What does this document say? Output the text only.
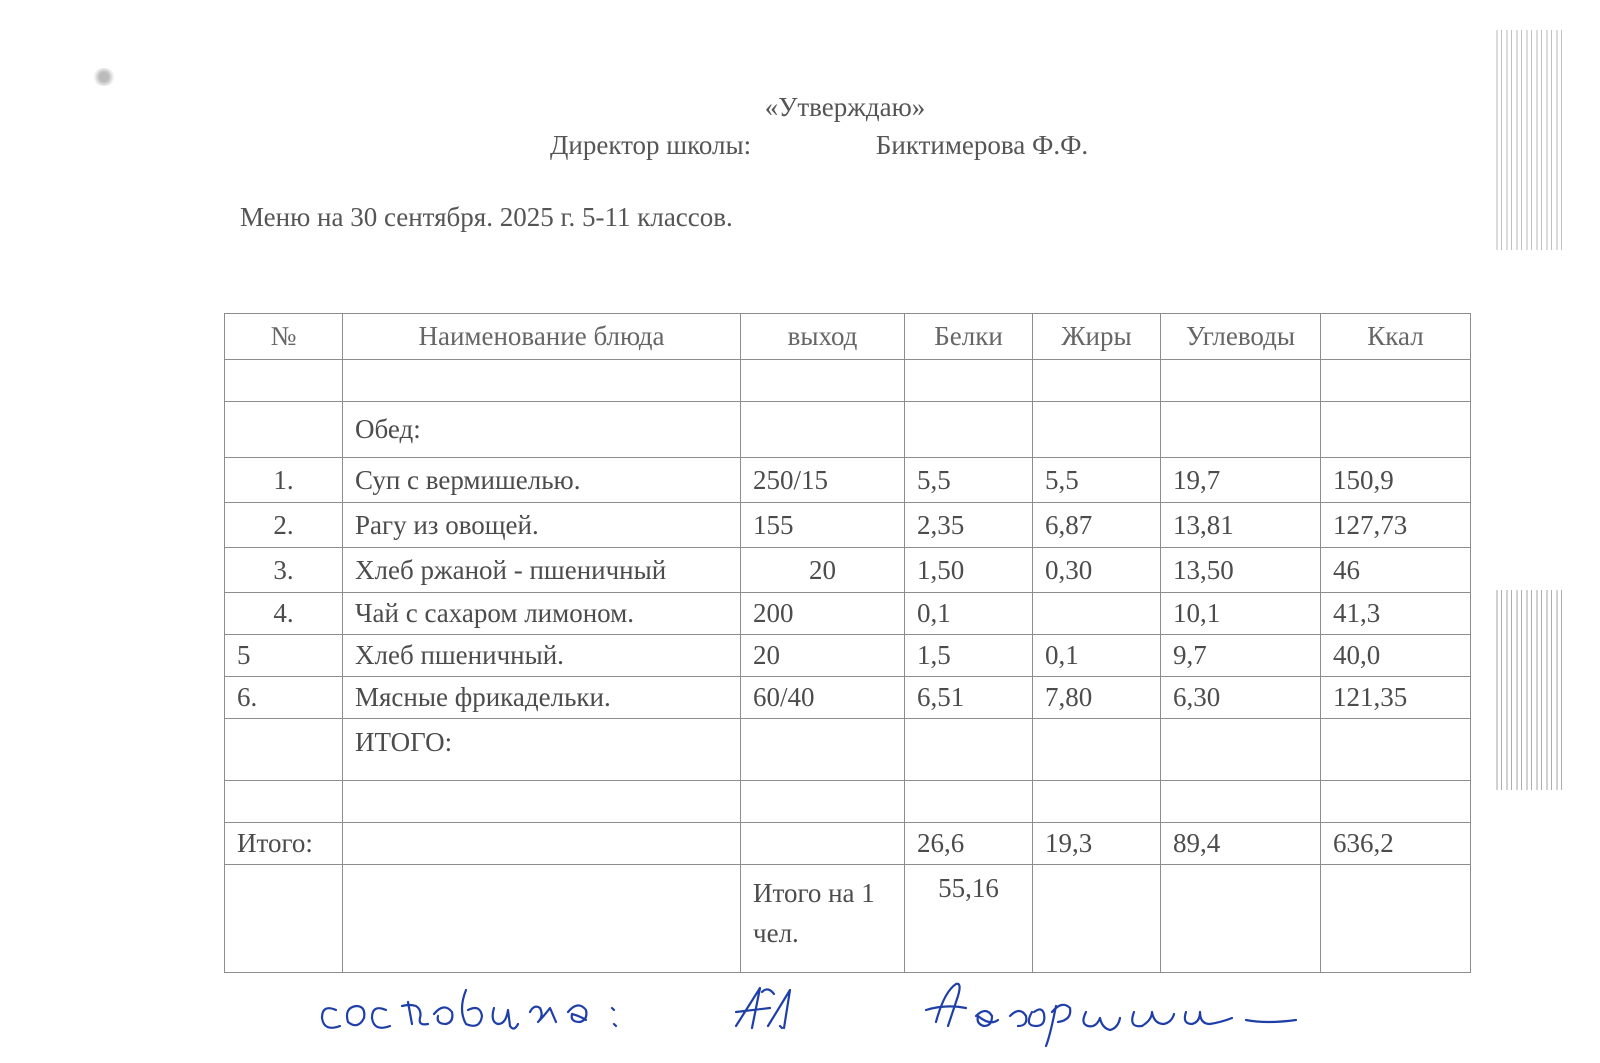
«Утверждаю»
Директор школы:	Биктимерова Ф.Ф.
Меню на 30 сентября. 2025 г. 5-11 классов.
№	Наименование блюда	выход	Белки	Жиры	Углеводы	Ккал

	Обед:					
1.	Суп с вермишелью.	250/15	5,5	5,5	19,7	150,9
2.	Рагу из овощей.	155	2,35	6,87	13,81	127,73
3.	Хлеб ржаной - пшеничный	20	1,50	0,30	13,50	46
4.	Чай с сахаром лимоном.	200	0,1		10,1	41,3
5	Хлеб пшеничный.	20	1,5	0,1	9,7	40,0
6.	Мясные фрикадельки.	60/40	6,51	7,80	6,30	121,35
	ИТОГО:					

Итого:			26,6	19,3	89,4	636,2
		Итого на 1 чел.	55,16			
